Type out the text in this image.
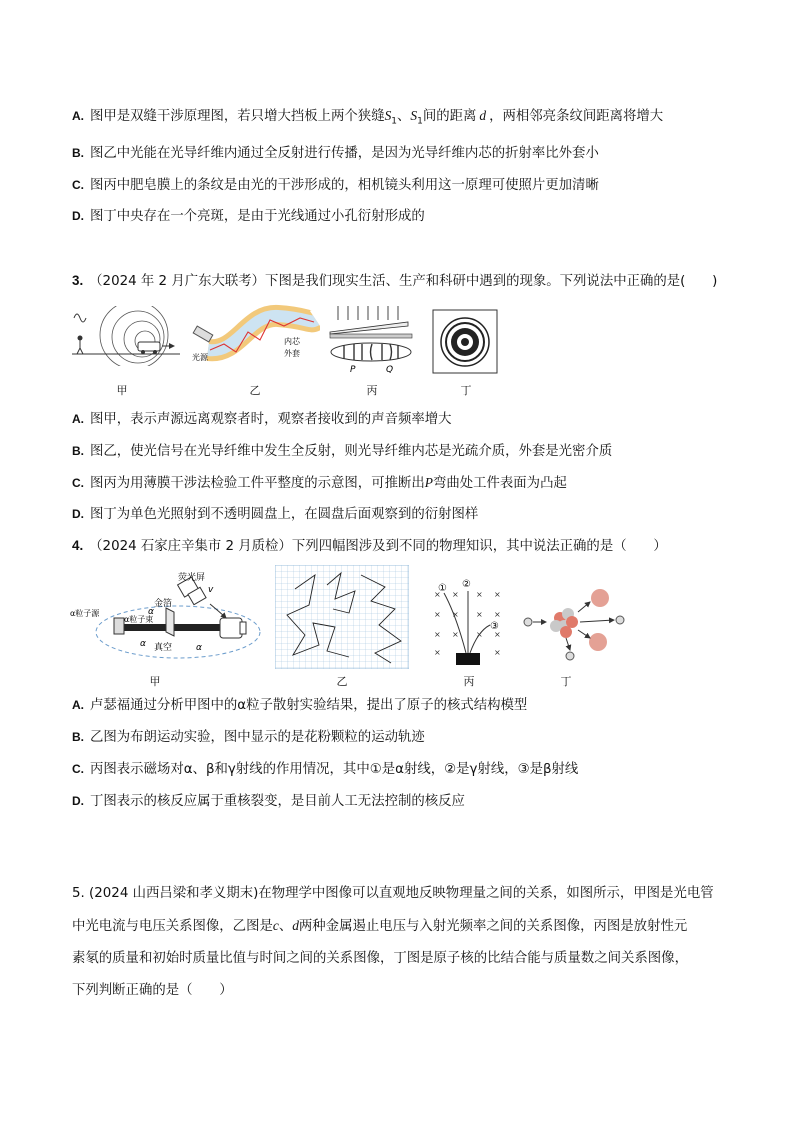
A. 图甲是双缝干涉原理图，若只增大挡板上两个狭缝$S_1$、$S_1$间的距离 d ，两相邻亮条纹间距离将增大
B. 图乙中光能在光导纤维内通过全反射进行传播，是因为光导纤维内芯的折射率比外套小
C. 图丙中肥皂膜上的条纹是由光的干涉形成的，相机镜头利用这一原理可使照片更加清晰
D. 图丁中央存在一个亮斑，是由于光线通过小孔衍射形成的
3. （2024 年 2 月广东大联考）下图是我们现实生活、生产和科研中遇到的现象。下列说法中正确的是(　　)
甲
光源
内芯
外套
乙
P	Q
丙	丁
A. 图甲，表示声源远离观察者时，观察者接收到的声音频率增大
B. 图乙，使光信号在光导纤维中发生全反射，则光导纤维内芯是光疏介质，外套是光密介质
C. 图丙为用薄膜干涉法检验工件平整度的示意图，可推断出P弯曲处工件表面为凸起
D. 图丁为单色光照射到不透明圆盘上，在圆盘后面观察到的衍射图样
4. （2024 石家庄辛集市 2 月质检）下列四幅图涉及到不同的物理知识，其中说法正确的是（　　）
荧光屏
金箔
α粒子源
α粒子束
真空
α
α	α
v
甲	乙
× × × ×
× × × ×
× × × ×
×	×
① ②
③
丙	丁
A. 卢瑟福通过分析甲图中的α粒子散射实验结果，提出了原子的核式结构模型
B. 乙图为布朗运动实验，图中显示的是花粉颗粒的运动轨迹
C. 丙图表示磁场对α、β和γ射线的作用情况，其中①是α射线，②是γ射线，③是β射线
D. 丁图表示的核反应属于重核裂变，是目前人工无法控制的核反应
5. (2024 山西吕梁和孝义期末)在物理学中图像可以直观地反映物理量之间的关系，如图所示，甲图是光电管
中光电流与电压关系图像，乙图是c、d两种金属遏止电压与入射光频率之间的关系图像，丙图是放射性元
素氡的质量和初始时质量比值与时间之间的关系图像，丁图是原子核的比结合能与质量数之间关系图像，
下列判断正确的是（　　）
